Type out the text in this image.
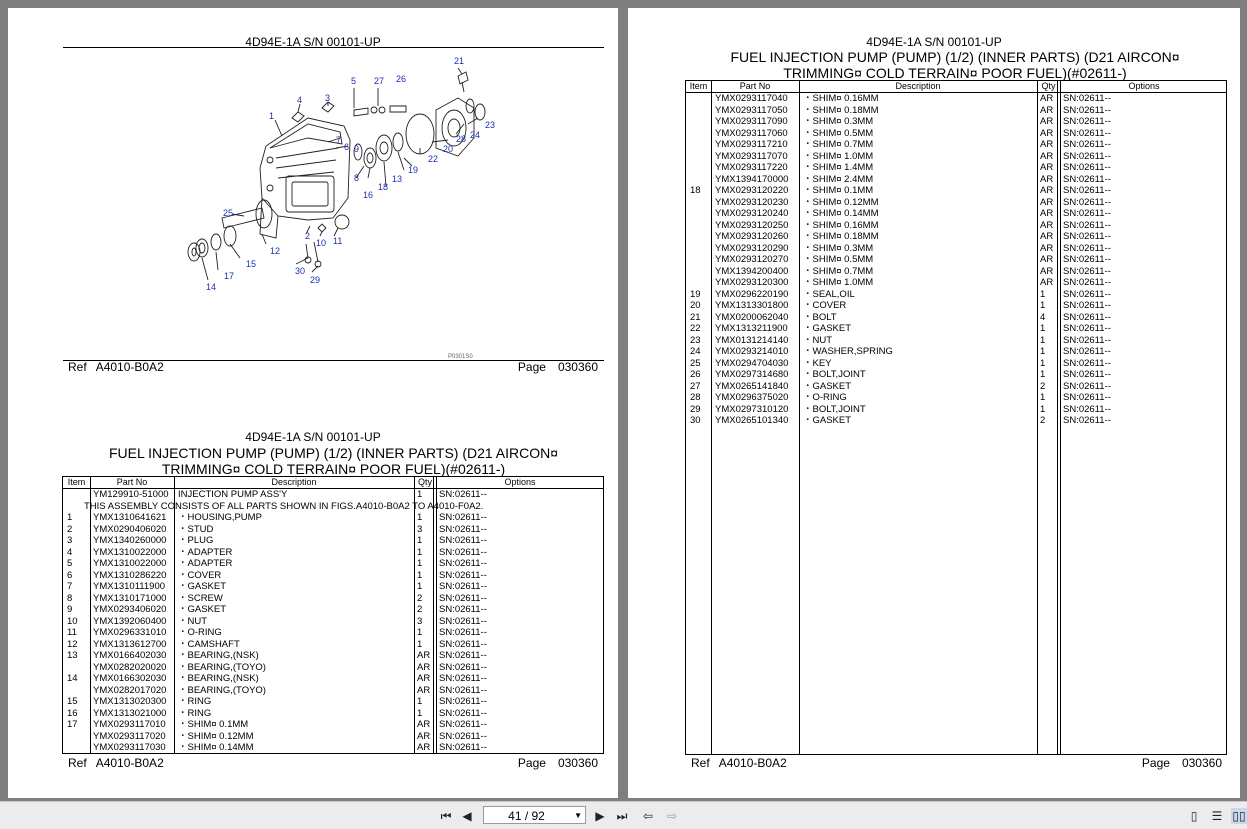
4D94E-1A S/N 00101-UP
1
3
4
5 27 26
21
7
6 9
8
16
18
13
19
22
20
28 24
23
25
2
10 11
12
30
29
15
17
14
P0301S0
Ref A4010-B0A2	Page 030360
4D94E-1A S/N 00101-UP
FUEL INJECTION PUMP (PUMP) (1/2) (INNER PARTS) (D21 AIRCON¤
TRIMMING¤ COLD TERRAIN¤ POOR FUEL)(#02611-)
Item	Part No	Description	Qty	Options
YM129910-51000 INJECTION PUMP ASS'Y	1 SN:02611--
THIS ASSEMBLY CONSISTS OF ALL PARTS SHOWN IN FIGS.A4010-B0A2 TO A4010-F0A2.
1 YMX1310641621 ・HOUSING,PUMP	1 SN:02611--
2 YMX0290406020 ・STUD	3 SN:02611--
3 YMX1340260000 ・PLUG	1 SN:02611--
4 YMX1310022000 ・ADAPTER	1 SN:02611--
5 YMX1310022000 ・ADAPTER	1 SN:02611--
6 YMX1310286220 ・COVER	1 SN:02611--
7 YMX1310111900 ・GASKET	1 SN:02611--
8 YMX1310171000 ・SCREW	2 SN:02611--
9 YMX0293406020 ・GASKET	2 SN:02611--
10 YMX1392060400 ・NUT	3 SN:02611--
11 YMX0296331010 ・O-RING	1 SN:02611--
12 YMX1313612700 ・CAMSHAFT	1 SN:02611--
13 YMX0166402030 ・BEARING,(NSK)	AR SN:02611--
YMX0282020020 ・BEARING,(TOYO)	AR SN:02611--
14 YMX0166302030 ・BEARING,(NSK)	AR SN:02611--
YMX0282017020 ・BEARING,(TOYO)	AR SN:02611--
15 YMX1313020300 ・RING	1 SN:02611--
16 YMX1313021000 ・RING	1 SN:02611--
17 YMX0293117010 ・SHIM¤ 0.1MM	AR SN:02611--
YMX0293117020 ・SHIM¤ 0.12MM	AR SN:02611--
YMX0293117030 ・SHIM¤ 0.14MM	AR SN:02611--
Ref A4010-B0A2	Page 030360
4D94E-1A S/N 00101-UP
FUEL INJECTION PUMP (PUMP) (1/2) (INNER PARTS) (D21 AIRCON¤
TRIMMING¤ COLD TERRAIN¤ POOR FUEL)(#02611-)
Item	Part No	Description	Qty	Options
YMX0293117040 ・SHIM¤ 0.16MM	AR SN:02611--
YMX0293117050 ・SHIM¤ 0.18MM	AR SN:02611--
YMX0293117090 ・SHIM¤ 0.3MM	AR SN:02611--
YMX0293117060 ・SHIM¤ 0.5MM	AR SN:02611--
YMX0293117210 ・SHIM¤ 0.7MM	AR SN:02611--
YMX0293117070 ・SHIM¤ 1.0MM	AR SN:02611--
YMX0293117220 ・SHIM¤ 1.4MM	AR SN:02611--
YMX1394170000 ・SHIM¤ 2.4MM	AR SN:02611--
18 YMX0293120220 ・SHIM¤ 0.1MM	AR SN:02611--
YMX0293120230 ・SHIM¤ 0.12MM	AR SN:02611--
YMX0293120240 ・SHIM¤ 0.14MM	AR SN:02611--
YMX0293120250 ・SHIM¤ 0.16MM	AR SN:02611--
YMX0293120260 ・SHIM¤ 0.18MM	AR SN:02611--
YMX0293120290 ・SHIM¤ 0.3MM	AR SN:02611--
YMX0293120270 ・SHIM¤ 0.5MM	AR SN:02611--
YMX1394200400 ・SHIM¤ 0.7MM	AR SN:02611--
YMX0293120300 ・SHIM¤ 1.0MM	AR SN:02611--
19 YMX0296220190 ・SEAL,OIL	1 SN:02611--
20 YMX1313301800 ・COVER	1 SN:02611--
21 YMX0200062040 ・BOLT	4 SN:02611--
22 YMX1313211900 ・GASKET	1 SN:02611--
23 YMX0131214140 ・NUT	1 SN:02611--
24 YMX0293214010 ・WASHER,SPRING	1 SN:02611--
25 YMX0294704030 ・KEY	1 SN:02611--
26 YMX0297314680 ・BOLT,JOINT	1 SN:02611--
27 YMX0265141840 ・GASKET	2 SN:02611--
28 YMX0296375020 ・O-RING	1 SN:02611--
29 YMX0297310120 ・BOLT,JOINT	1 SN:02611--
30 YMX0265101340 ・GASKET	2 SN:02611--
Ref A4010-B0A2	Page 030360
⏮ ◀	41 / 92	▼ ▶ ⏭ ⇦ ⇨	▯	☰ ▯▯
